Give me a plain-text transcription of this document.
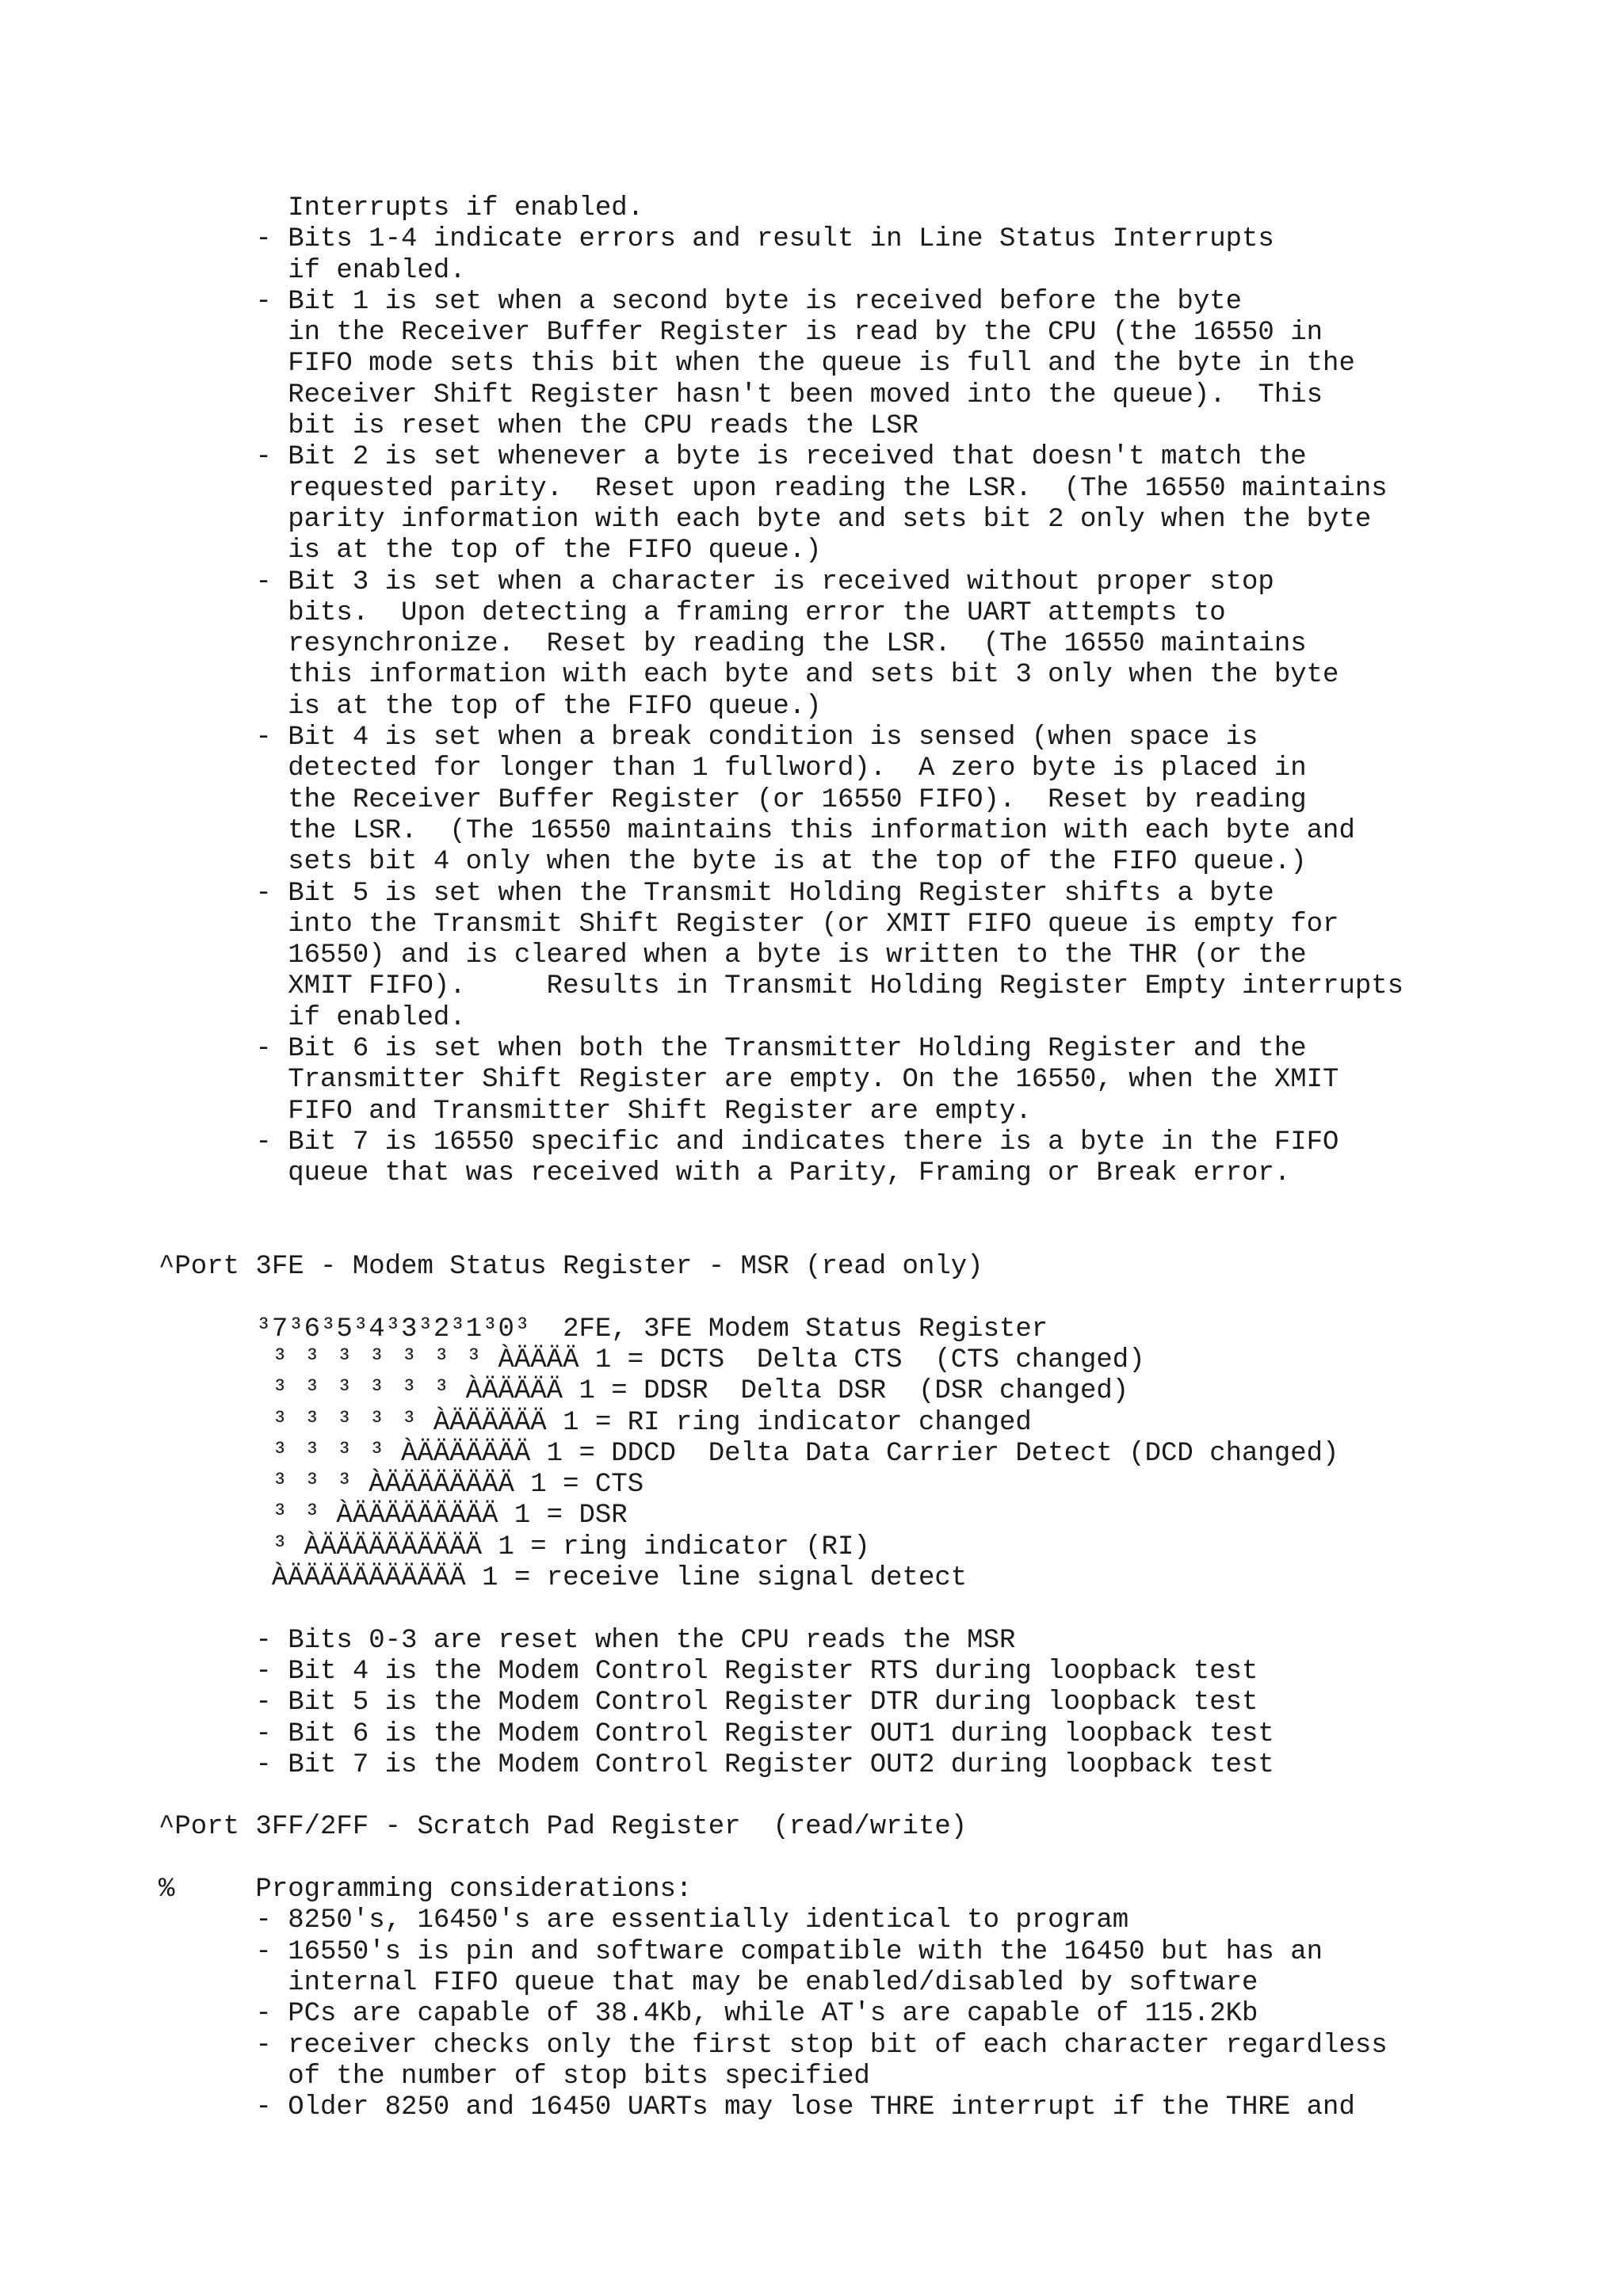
Interrupts if enabled.
- Bits 1-4 indicate errors and result in Line Status Interrupts
if enabled.
- Bit 1 is set when a second byte is received before the byte
in the Receiver Buffer Register is read by the CPU (the 16550 in
FIFO mode sets this bit when the queue is full and the byte in the
Receiver Shift Register hasn't been moved into the queue).  This
bit is reset when the CPU reads the LSR
- Bit 2 is set whenever a byte is received that doesn't match the
requested parity.  Reset upon reading the LSR.  (The 16550 maintains
parity information with each byte and sets bit 2 only when the byte
is at the top of the FIFO queue.)
- Bit 3 is set when a character is received without proper stop
bits.  Upon detecting a framing error the UART attempts to
resynchronize.  Reset by reading the LSR.  (The 16550 maintains
this information with each byte and sets bit 3 only when the byte
is at the top of the FIFO queue.)
- Bit 4 is set when a break condition is sensed (when space is
detected for longer than 1 fullword).  A zero byte is placed in
the Receiver Buffer Register (or 16550 FIFO).  Reset by reading
the LSR.  (The 16550 maintains this information with each byte and
sets bit 4 only when the byte is at the top of the FIFO queue.)
- Bit 5 is set when the Transmit Holding Register shifts a byte
into the Transmit Shift Register (or XMIT FIFO queue is empty for
16550) and is cleared when a byte is written to the THR (or the
XMIT FIFO).     Results in Transmit Holding Register Empty interrupts
if enabled.
- Bit 6 is set when both the Transmitter Holding Register and the
Transmitter Shift Register are empty. On the 16550, when the XMIT
FIFO and Transmitter Shift Register are empty.
- Bit 7 is 16550 specific and indicates there is a byte in the FIFO
queue that was received with a Parity, Framing or Break error.
^Port 3FE - Modem Status Register - MSR (read only)
³7³6³5³4³3³2³1³0³  2FE, 3FE Modem Status Register
³ ³ ³ ³ ³ ³ ³ ÀÄÄÄÄ 1 = DCTS  Delta CTS  (CTS changed)
³ ³ ³ ³ ³ ³ ÀÄÄÄÄÄ 1 = DDSR  Delta DSR  (DSR changed)
³ ³ ³ ³ ³ ÀÄÄÄÄÄÄ 1 = RI ring indicator changed
³ ³ ³ ³ ÀÄÄÄÄÄÄÄ 1 = DDCD  Delta Data Carrier Detect (DCD changed)
³ ³ ³ ÀÄÄÄÄÄÄÄÄ 1 = CTS
³ ³ ÀÄÄÄÄÄÄÄÄÄ 1 = DSR
³ ÀÄÄÄÄÄÄÄÄÄÄ 1 = ring indicator (RI)
ÀÄÄÄÄÄÄÄÄÄÄÄ 1 = receive line signal detect
- Bits 0-3 are reset when the CPU reads the MSR
- Bit 4 is the Modem Control Register RTS during loopback test
- Bit 5 is the Modem Control Register DTR during loopback test
- Bit 6 is the Modem Control Register OUT1 during loopback test
- Bit 7 is the Modem Control Register OUT2 during loopback test
^Port 3FF/2FF - Scratch Pad Register  (read/write)
%     Programming considerations:
- 8250's, 16450's are essentially identical to program
- 16550's is pin and software compatible with the 16450 but has an
internal FIFO queue that may be enabled/disabled by software
- PCs are capable of 38.4Kb, while AT's are capable of 115.2Kb
- receiver checks only the first stop bit of each character regardless
of the number of stop bits specified
- Older 8250 and 16450 UARTs may lose THRE interrupt if the THRE and
